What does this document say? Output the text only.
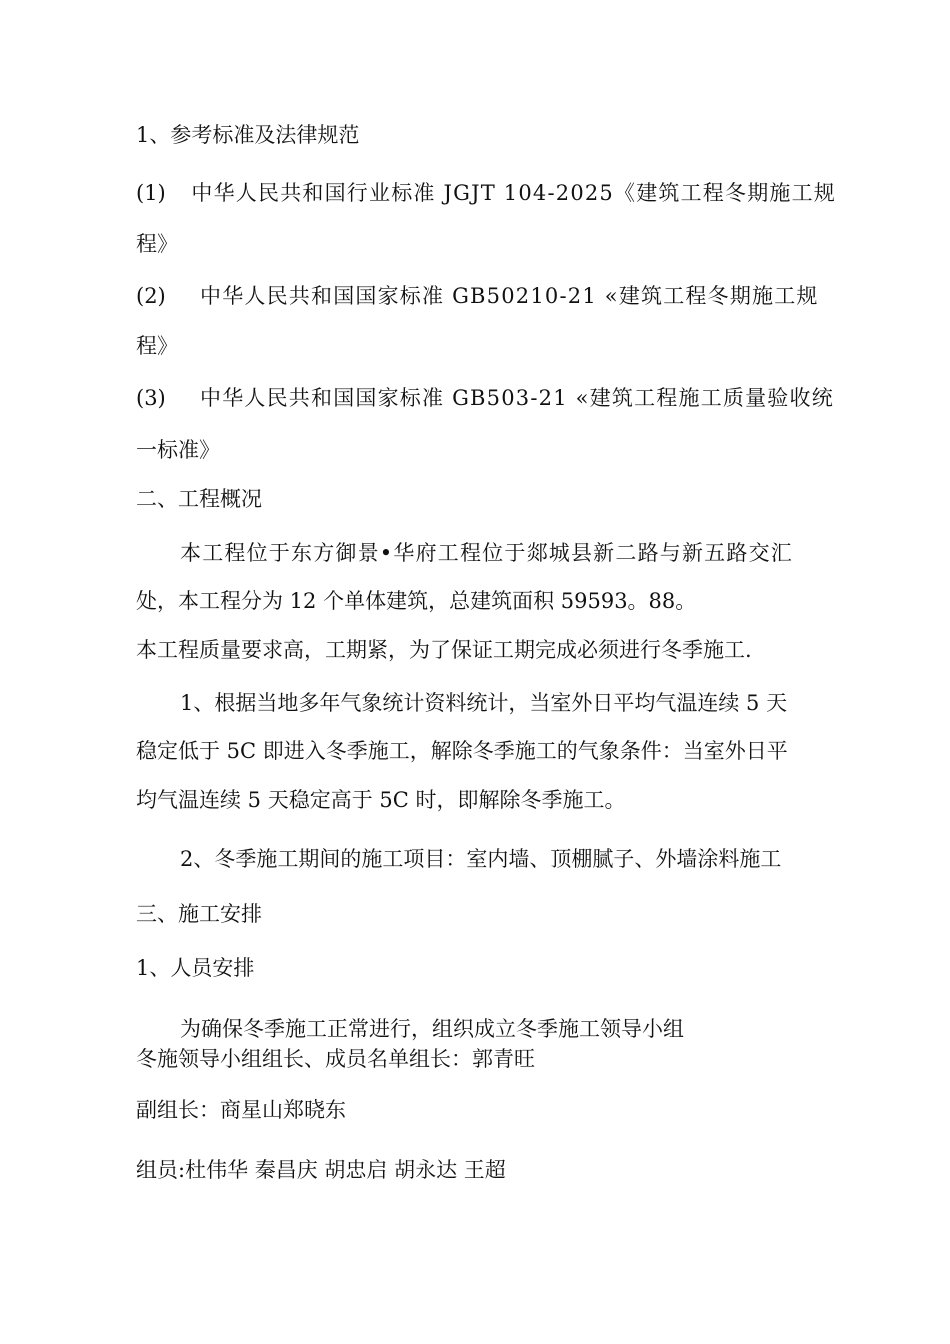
1、参考标准及法律规范
(1)	中华人民共和国行业标准 JGJT 104-2025《建筑工程冬期施工规
程》
(2)	中华人民共和国国家标准 GB50210-21 «建筑工程冬期施工规
程》
(3)	中华人民共和国国家标准 GB503-21 «建筑工程施工质量验收统
一标准》
二、工程概况
本工程位于东方御景•华府工程位于郯城县新二路与新五路交汇
处，本工程分为 12 个单体建筑，总建筑面积 59593。88。
本工程质量要求高，工期紧，为了保证工期完成必须进行冬季施工.
1、根据当地多年气象统计资料统计，当室外日平均气温连续 5 天
稳定低于 5C 即进入冬季施工，解除冬季施工的气象条件：当室外日平
均气温连续 5 天稳定高于 5C 时，即解除冬季施工。
2、冬季施工期间的施工项目：室内墙、顶棚腻子、外墙涂料施工
三、施工安排
1、人员安排
为确保冬季施工正常进行，组织成立冬季施工领导小组
冬施领导小组组长、成员名单组长：郭青旺
副组长：商星山郑晓东
组员:杜伟华 秦昌庆 胡忠启 胡永达 王超
